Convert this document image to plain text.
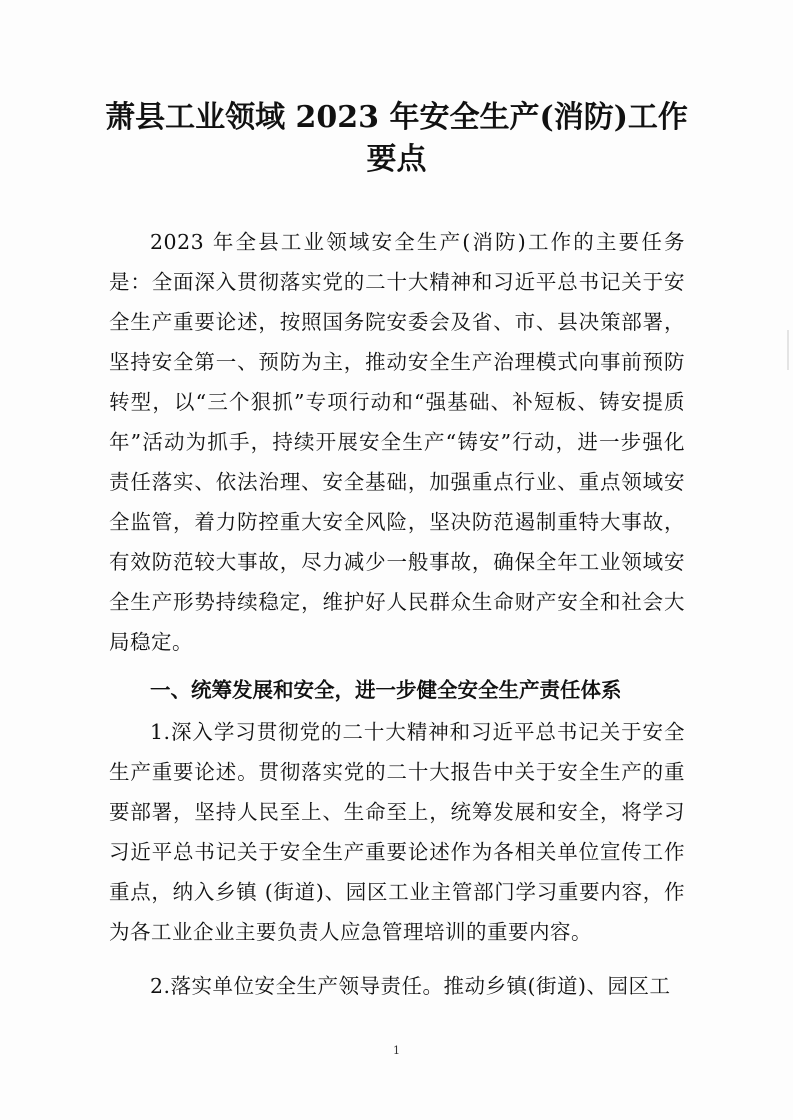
萧县工业领域 2023 年安全生产(消防)工作
要点

2023 年全县工业领域安全生产(消防)工作的主要任务是：全面深入贯彻落实党的二十大精神和习近平总书记关于安全生产重要论述，按照国务院安委会及省、市、县决策部署，坚持安全第一、预防为主，推动安全生产治理模式向事前预防转型，以“三个狠抓”专项行动和“强基础、补短板、铸安提质年”活动为抓手，持续开展安全生产“铸安”行动，进一步强化责任落实、依法治理、安全基础，加强重点行业、重点领域安全监管，着力防控重大安全风险，坚决防范遏制重特大事故，有效防范较大事故，尽力减少一般事故，确保全年工业领域安全生产形势持续稳定，维护好人民群众生命财产安全和社会大局稳定。

一、统筹发展和安全，进一步健全安全生产责任体系

1.深入学习贯彻党的二十大精神和习近平总书记关于安全生产重要论述。贯彻落实党的二十大报告中关于安全生产的重要部署，坚持人民至上、生命至上，统筹发展和安全，将学习习近平总书记关于安全生产重要论述作为各相关单位宣传工作重点，纳入乡镇 (街道)、园区工业主管部门学习重要内容，作为各工业企业主要负责人应急管理培训的重要内容。

2.落实单位安全生产领导责任。推动乡镇(街道)、园区工

1
